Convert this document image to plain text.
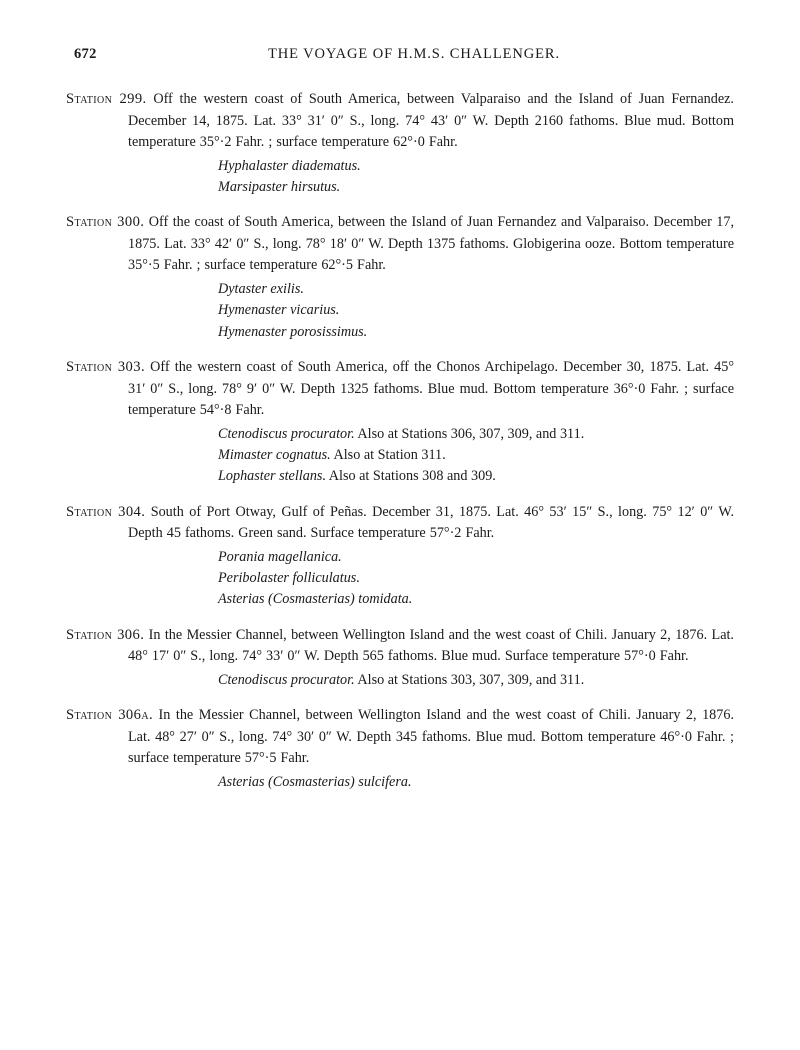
672	THE VOYAGE OF H.M.S. CHALLENGER.

Station 299. Off the western coast of South America, between Valparaiso and the Island of Juan Fernandez. December 14, 1875. Lat. 33° 31′ 0″ S., long. 74° 43′ 0″ W. Depth 2160 fathoms. Blue mud. Bottom temperature 35°·2 Fahr. ; surface temperature 62°·0 Fahr.

Hyphalaster diadematus.
Marsipaster hirsutus.

Station 300. Off the coast of South America, between the Island of Juan Fernandez and Valparaiso. December 17, 1875. Lat. 33° 42′ 0″ S., long. 78° 18′ 0″ W. Depth 1375 fathoms. Globigerina ooze. Bottom temperature 35°·5 Fahr. ; surface temperature 62°·5 Fahr.

Dytaster exilis.
Hymenaster vicarius.
Hymenaster porosissimus.

Station 303. Off the western coast of South America, off the Chonos Archipelago. December 30, 1875. Lat. 45° 31′ 0″ S., long. 78° 9′ 0″ W. Depth 1325 fathoms. Blue mud. Bottom temperature 36°·0 Fahr. ; surface temperature 54°·8 Fahr.

Ctenodiscus procurator. Also at Stations 306, 307, 309, and 311.
Mimaster cognatus. Also at Station 311.
Lophaster stellans. Also at Stations 308 and 309.

Station 304. South of Port Otway, Gulf of Peñas. December 31, 1875. Lat. 46° 53′ 15″ S., long. 75° 12′ 0″ W. Depth 45 fathoms. Green sand. Surface temperature 57°·2 Fahr.

Porania magellanica.
Peribolaster folliculatus.
Asterias (Cosmasterias) tomidata.

Station 306. In the Messier Channel, between Wellington Island and the west coast of Chili. January 2, 1876. Lat. 48° 17′ 0″ S., long. 74° 33′ 0″ W. Depth 565 fathoms. Blue mud. Surface temperature 57°·0 Fahr.

Ctenodiscus procurator. Also at Stations 303, 307, 309, and 311.

Station 306a. In the Messier Channel, between Wellington Island and the west coast of Chili. January 2, 1876. Lat. 48° 27′ 0″ S., long. 74° 30′ 0″ W. Depth 345 fathoms. Blue mud. Bottom temperature 46°·0 Fahr. ; surface temperature 57°·5 Fahr.

Asterias (Cosmasterias) sulcifera.
